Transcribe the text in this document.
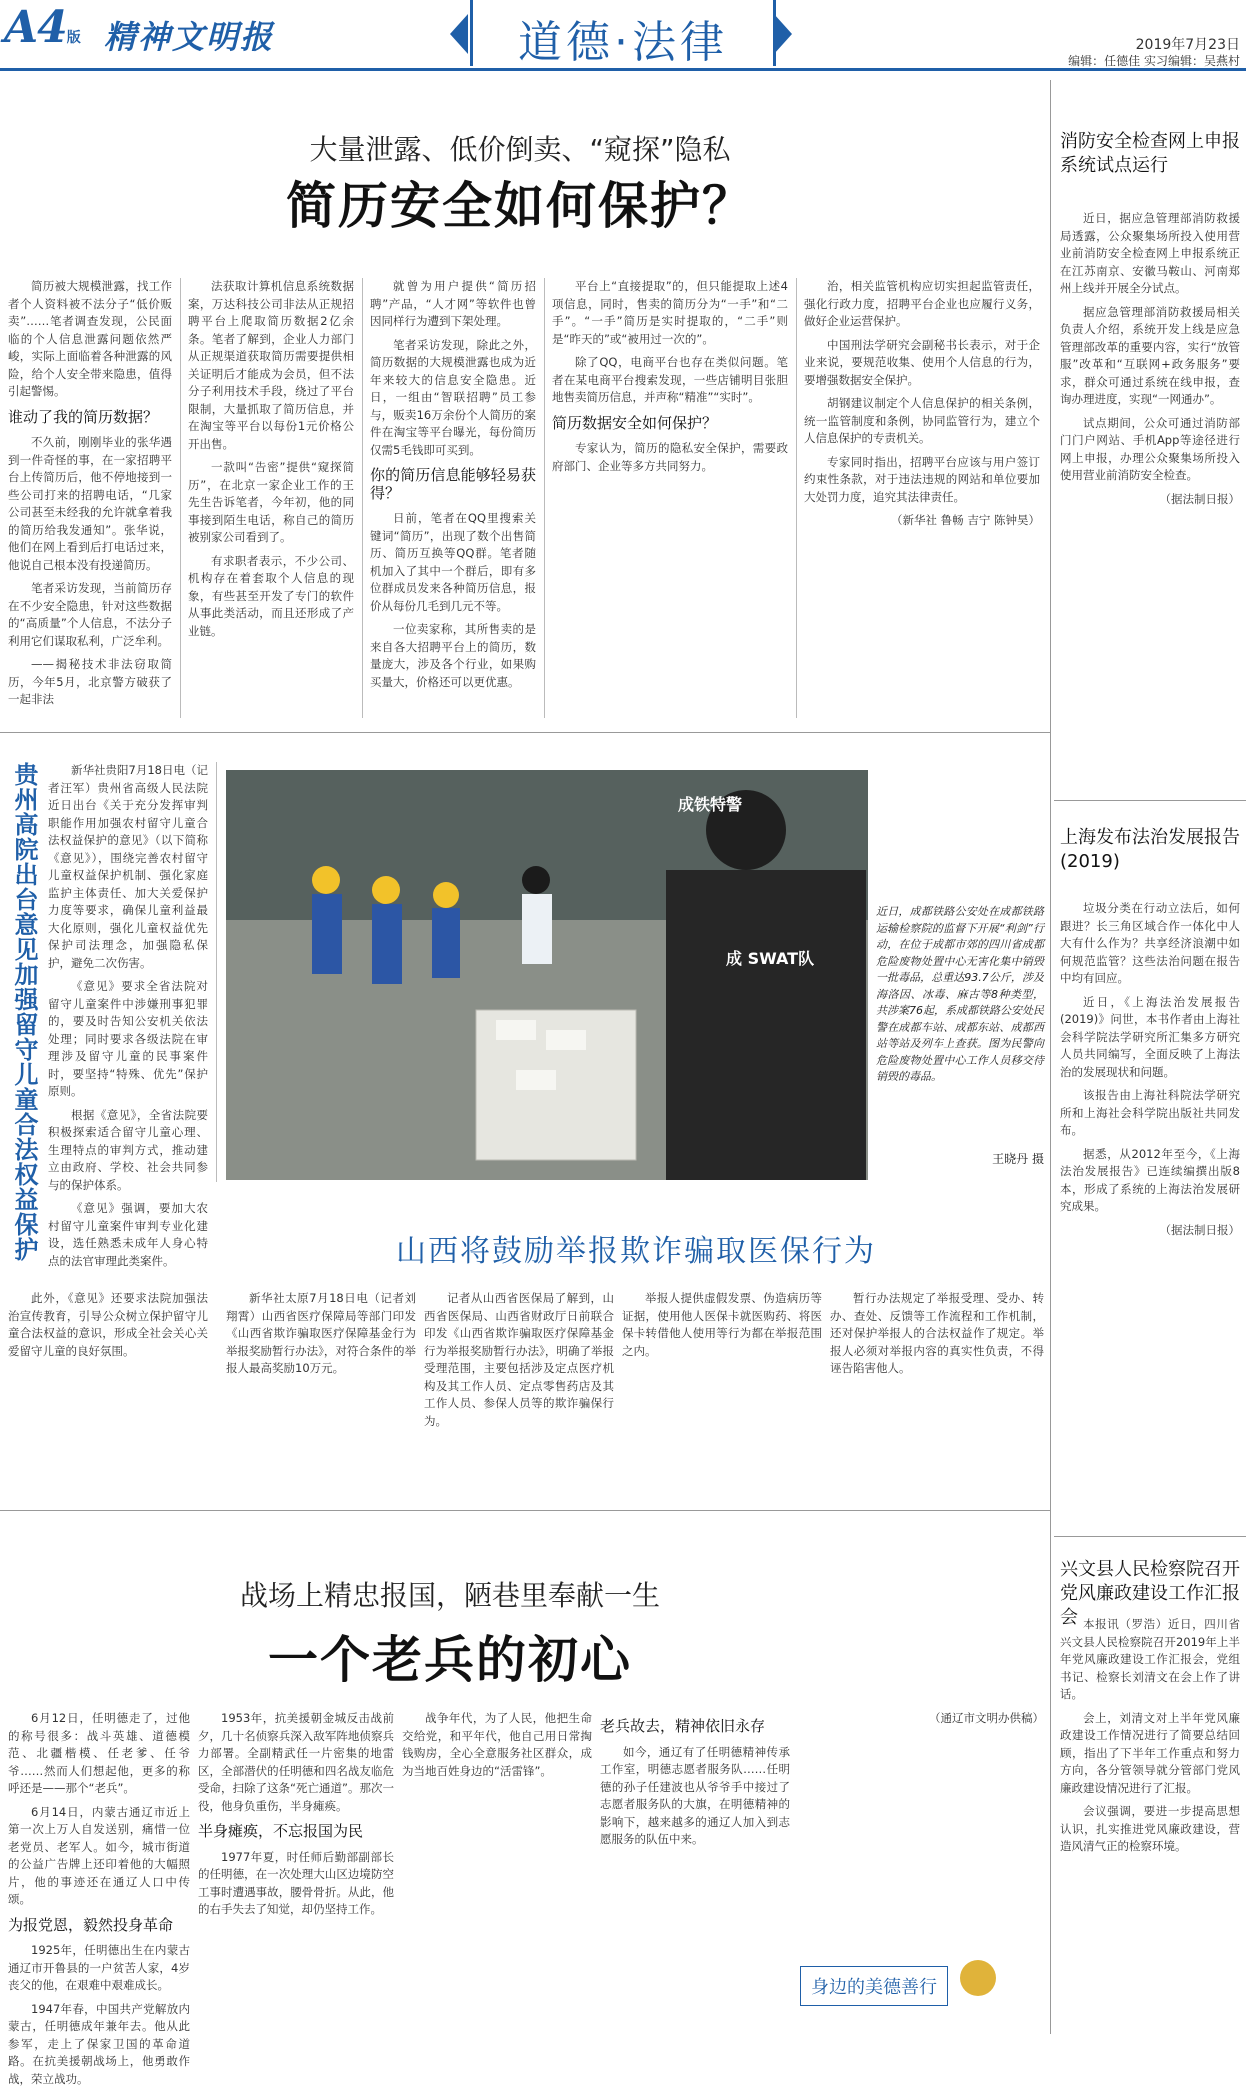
A4版 精神文明报	道德·法律	2019年7月23日
编辑：任德佳 实习编辑：吴燕村
大量泄露、低价倒卖、“窥探”隐私
简历安全如何保护？

简历被大规模泄露，找工作者个人资料被不法分子“低价贩卖”……笔者调查发现，公民面临的个人信息泄露问题依然严峻，实际上面临着各种泄露的风险，给个人安全带来隐患，值得引起警惕。

谁动了我的简历数据？

不久前，刚刚毕业的张华遇到一件奇怪的事，在一家招聘平台上传简历后，他不停地接到一些公司打来的招聘电话，“几家公司甚至未经我的允许就拿着我的简历给我发通知”。张华说，他们在网上看到后打电话过来，他说自己根本没有投递简历。

笔者采访发现，当前简历存在不少安全隐患，针对这些数据的“高质量”个人信息，不法分子利用它们谋取私利，广泛牟利。

——揭秘技术非法窃取简历，今年5月，北京警方破获了一起非法

法获取计算机信息系统数据案，万达科技公司非法从正规招聘平台上爬取简历数据2亿余条。笔者了解到，企业人力部门从正规渠道获取简历需要提供相关证明后才能成为会员，但不法分子利用技术手段，绕过了平台限制，大量抓取了简历信息，并在淘宝等平台以每份1元价格公开出售。

一款叫“告密”提供“窥探简历”，在北京一家企业工作的王先生告诉笔者，今年初，他的同事接到陌生电话，称自己的简历被别家公司看到了。

有求职者表示，不少公司、机构存在着套取个人信息的现象，有些甚至开发了专门的软件从事此类活动，而且还形成了产业链。

就曾为用户提供“简历招聘”产品，“人才网”等软件也曾因同样行为遭到下架处理。

笔者采访发现，除此之外，简历数据的大规模泄露也成为近年来较大的信息安全隐患。近日，一组由“智联招聘”员工参与，贩卖16万余份个人简历的案件在淘宝等平台曝光，每份简历仅需5毛钱即可买到。

你的简历信息能够轻易获得？

日前，笔者在QQ里搜索关键词“简历”，出现了数个出售简历、简历互换等QQ群。笔者随机加入了其中一个群后，即有多位群成员发来各种简历信息，报价从每份几毛到几元不等。

一位卖家称，其所售卖的是来自各大招聘平台上的简历，数量庞大，涉及各个行业，如果购买量大，价格还可以更优惠。

平台上“直接提取”的，但只能提取上述4项信息，同时，售卖的简历分为“一手”和“二手”。“一手”简历是实时提取的，“二手”则是“昨天的”或“被用过一次的”。

除了QQ，电商平台也存在类似问题。笔者在某电商平台搜索发现，一些店铺明目张胆地售卖简历信息，并声称“精准”“实时”。

简历数据安全如何保护？

专家认为，简历的隐私安全保护，需要政府部门、企业等多方共同努力。

治，相关监管机构应切实担起监管责任，强化行政力度，招聘平台企业也应履行义务，做好企业运营保护。

中国刑法学研究会副秘书长表示，对于企业来说，要规范收集、使用个人信息的行为，要增强数据安全保护。

胡钢建议制定个人信息保护的相关条例，统一监管制度和条例，协同监管行为，建立个人信息保护的专责机关。

专家同时指出，招聘平台应该与用户签订约束性条款，对于违法违规的网站和单位要加大处罚力度，追究其法律责任。

（新华社 鲁畅 吉宁 陈钟昊）

消防安全检查网上申报系统试点运行

近日，据应急管理部消防救援局透露，公众聚集场所投入使用营业前消防安全检查网上申报系统正在江苏南京、安徽马鞍山、河南郑州上线并开展全分试点。

据应急管理部消防救援局相关负责人介绍，系统开发上线是应急管理部改革的重要内容，实行“放管服”改革和“互联网+政务服务”要求，群众可通过系统在线申报，查询办理进度，实现“一网通办”。

试点期间，公众可通过消防部门门户网站、手机App等途径进行网上申报，办理公众聚集场所投入使用营业前消防安全检查。

（据法制日报）

上海发布法治发展报告(2019)

垃圾分类在行动立法后，如何跟进？长三角区域合作一体化中人大有什么作为？共享经济浪潮中如何规范监管？这些法治问题在报告中均有回应。

近日，《上海法治发展报告(2019)》问世，本书作者由上海社会科学院法学研究所汇集多方研究人员共同编写，全面反映了上海法治的发展现状和问题。

该报告由上海社科院法学研究所和上海社会科学院出版社共同发布。

据悉，从2012年至今，《上海法治发展报告》已连续编撰出版8本，形成了系统的上海法治发展研究成果。

（据法制日报）

兴文县人民检察院召开党风廉政建设工作汇报会 本报讯（罗浩）近日，四川省兴文县人民检察院召开2019年上半年党风廉政建设工作汇报会，党组书记、检察长刘清文在会上作了讲话。

会上，刘清文对上半年党风廉政建设工作情况进行了简要总结回顾，指出了下半年工作重点和努力方向，各分管领导就分管部门党风廉政建设情况进行了汇报。

会议强调，要进一步提高思想认识，扎实推进党风廉政建设，营造风清气正的检察环境。

贵州高院出台意见加强留守儿童合法权益保护	新华社贵阳7月18日电（记者汪军）贵州省高级人民法院近日出台《关于充分发挥审判职能作用加强农村留守儿童合法权益保护的意见》（以下简称《意见》），围绕完善农村留守儿童权益保护机制、强化家庭监护主体责任、加大关爱保护力度等要求，确保儿童利益最大化原则，强化儿童权益优先保护司法理念，加强隐私保护，避免二次伤害。

《意见》要求全省法院对留守儿童案件中涉嫌刑事犯罪的，要及时告知公安机关依法处理；同时要求各级法院在审理涉及留守儿童的民事案件时，要坚持“特殊、优先”保护原则。

根据《意见》，全省法院要积极探索适合留守儿童心理、生理特点的审判方式，推动建立由政府、学校、社会共同参与的保护体系。

《意见》强调，要加大农村留守儿童案件审判专业化建设，选任熟悉未成年人身心特点的法官审理此类案件。

此外，《意见》还要求法院加强法治宣传教育，引导公众树立保护留守儿童合法权益的意识，形成全社会关心关爱留守儿童的良好氛围。

成铁特警
成 SWAT队
近日，成都铁路公安处在成都铁路运输检察院的监督下开展“利剑”行动，在位于成都市郊的四川省成都危险废物处置中心无害化集中销毁一批毒品，总重达93.7公斤，涉及海洛因、冰毒、麻古等8种类型，共涉案76起，系成都铁路公安处民警在成都车站、成都东站、成都西站等站及列车上查获。图为民警向危险废物处置中心工作人员移交待销毁的毒品。
王晓丹 摄
山西将鼓励举报欺诈骗取医保行为

新华社太原7月18日电（记者刘翔霄）山西省医疗保障局等部门印发《山西省欺诈骗取医疗保障基金行为举报奖励暂行办法》，对符合条件的举报人最高奖励10万元。

记者从山西省医保局了解到，山西省医保局、山西省财政厅日前联合印发《山西省欺诈骗取医疗保障基金行为举报奖励暂行办法》，明确了举报受理范围，主要包括涉及定点医疗机构及其工作人员、定点零售药店及其工作人员、参保人员等的欺诈骗保行为。

举报人提供虚假发票、伪造病历等证据，使用他人医保卡就医购药、将医保卡转借他人使用等行为都在举报范围之内。

暂行办法规定了举报受理、受办、转办、查处、反馈等工作流程和工作机制，还对保护举报人的合法权益作了规定。举报人必须对举报内容的真实性负责，不得诬告陷害他人。

战场上精忠报国，陋巷里奉献一生
一个老兵的初心

6月12日，任明德走了，过他的称号很多：战斗英雄、道德模范、北疆楷模、任老爹、任爷爷……然而人们想起他，更多的称呼还是——那个“老兵”。

6月14日，内蒙古通辽市近上第一次上万人自发送别，痛惜一位老党员、老军人。如今，城市街道的公益广告牌上还印着他的大幅照片，他的事迹还在通辽人口中传颂。

为报党恩，毅然投身革命

1925年，任明德出生在内蒙古通辽市开鲁县的一户贫苦人家，4岁丧父的他，在艰难中艰难成长。

1947年春，中国共产党解放内蒙古，任明德成年兼年去。他从此参军，走上了保家卫国的革命道路。在抗美援朝战场上，他勇敢作战，荣立战功。

1953年，抗美援朝金城反击战前夕，几十名侦察兵深入敌军阵地侦察兵力部署。全副精武任一片密集的地雷区，全部潜伏的任明德和四名战友临危受命，扫除了这条“死亡通道”。那次一役，他身负重伤，半身瘫痪。

半身瘫痪，不忘报国为民

1977年夏，时任师后勤部副部长的任明德，在一次处理大山区边境防空工事时遭遇事故，腰骨骨折。从此，他的右手失去了知觉，却仍坚持工作。

战争年代，为了人民，他把生命交给党，和平年代，他自己用日常掏钱购房，全心全意服务社区群众，成为当地百姓身边的“活雷锋”。

老兵故去，精神依旧永存

如今，通辽有了任明德精神传承工作室，明德志愿者服务队……任明德的孙子任建波也从爷爷手中接过了志愿者服务队的大旗，在明德精神的影响下，越来越多的通辽人加入到志愿服务的队伍中来。

（通辽市文明办供稿）

身边的美德善行
